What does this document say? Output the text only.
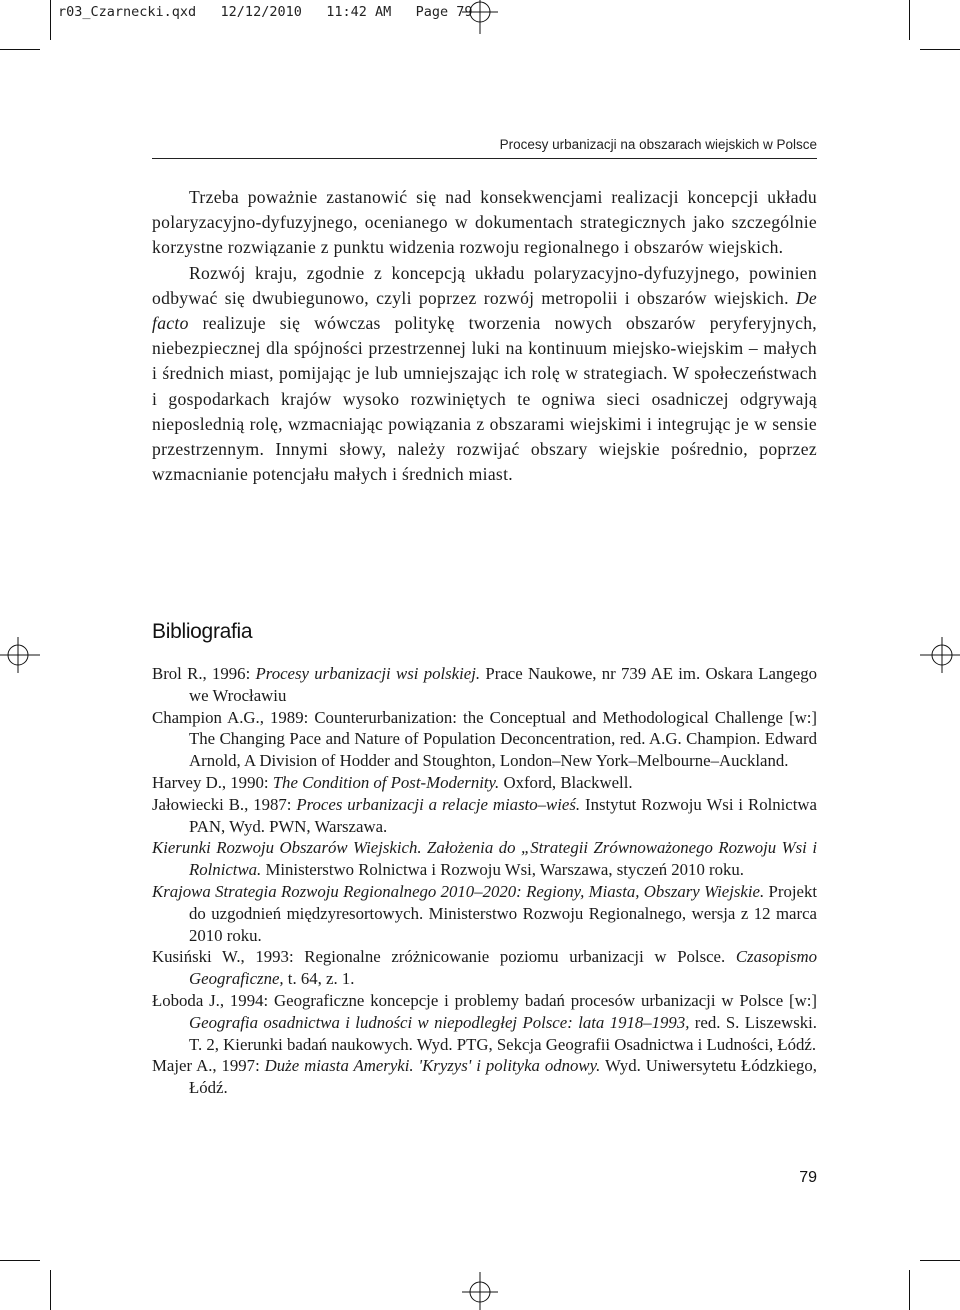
r03_Czarnecki.qxd   12/12/2010   11:42 AM   Page 79
Procesy urbanizacji na obszarach wiejskich w Polsce

Trzeba poważnie zastanowić się nad konsekwencjami realizacji koncepcji układu polaryzacyjno-dyfuzyjnego, ocenianego w dokumentach strategicznych jako szczególnie korzystne rozwiązanie z punktu widzenia rozwoju regionalnego i obszarów wiejskich.

Rozwój kraju, zgodnie z koncepcją układu polaryzacyjno-dyfuzyjnego, powinien odbywać się dwubiegunowo, czyli poprzez rozwój metropolii i obszarów wiejskich. De facto realizuje się wówczas politykę tworzenia nowych obszarów peryferyjnych, niebezpiecznej dla spójności przestrzennej luki na kontinuum miejsko-wiejskim – małych i średnich miast, pomijając je lub umniejszając ich rolę w strategiach. W społeczeństwach i gospodarkach krajów wysoko rozwiniętych te ogniwa sieci osadniczej odgrywają nieposlednią rolę, wzmacniając powiązania z obszarami wiejskimi i integrując je w sensie przestrzennym. Innymi słowy, należy rozwijać obszary wiejskie pośrednio, poprzez wzmacnianie potencjału małych i średnich miast.

Bibliografia

Brol R., 1996: Procesy urbanizacji wsi polskiej. Prace Naukowe, nr 739 AE im. Oskara Langego we Wrocławiu

Champion A.G., 1989: Counterurbanization: the Conceptual and Methodological Challenge [w:] The Changing Pace and Nature of Population Deconcentration, red. A.G. Champion. Edward Arnold, A Division of Hodder and Stoughton, London–New York–Melbourne–Auckland.

Harvey D., 1990: The Condition of Post-Modernity. Oxford, Blackwell.

Jałowiecki B., 1987: Proces urbanizacji a relacje miasto–wieś. Instytut Rozwoju Wsi i Rolnictwa PAN, Wyd. PWN, Warszawa.

Kierunki Rozwoju Obszarów Wiejskich. Założenia do „Strategii Zrównoważonego Rozwoju Wsi i Rolnictwa. Ministerstwo Rolnictwa i Rozwoju Wsi, Warszawa, styczeń 2010 roku.

Krajowa Strategia Rozwoju Regionalnego 2010–2020: Regiony, Miasta, Obszary Wiejskie. Projekt do uzgodnień międzyresortowych. Ministerstwo Rozwoju Regionalnego, wersja z 12 marca 2010 roku.

Kusiński W., 1993: Regionalne zróżnicowanie poziomu urbanizacji w Polsce. Czasopismo Geograficzne, t. 64, z. 1.

Łoboda J., 1994: Geograficzne koncepcje i problemy badań procesów urbanizacji w Polsce [w:] Geografia osadnictwa i ludności w niepodległej Polsce: lata 1918–1993, red. S. Liszewski. T. 2, Kierunki badań naukowych. Wyd. PTG, Sekcja Geografii Osadnictwa i Ludności, Łódź.

Majer A., 1997: Duże miasta Ameryki. 'Kryzys' i polityka odnowy. Wyd. Uniwersytetu Łódzkiego, Łódź.

79
